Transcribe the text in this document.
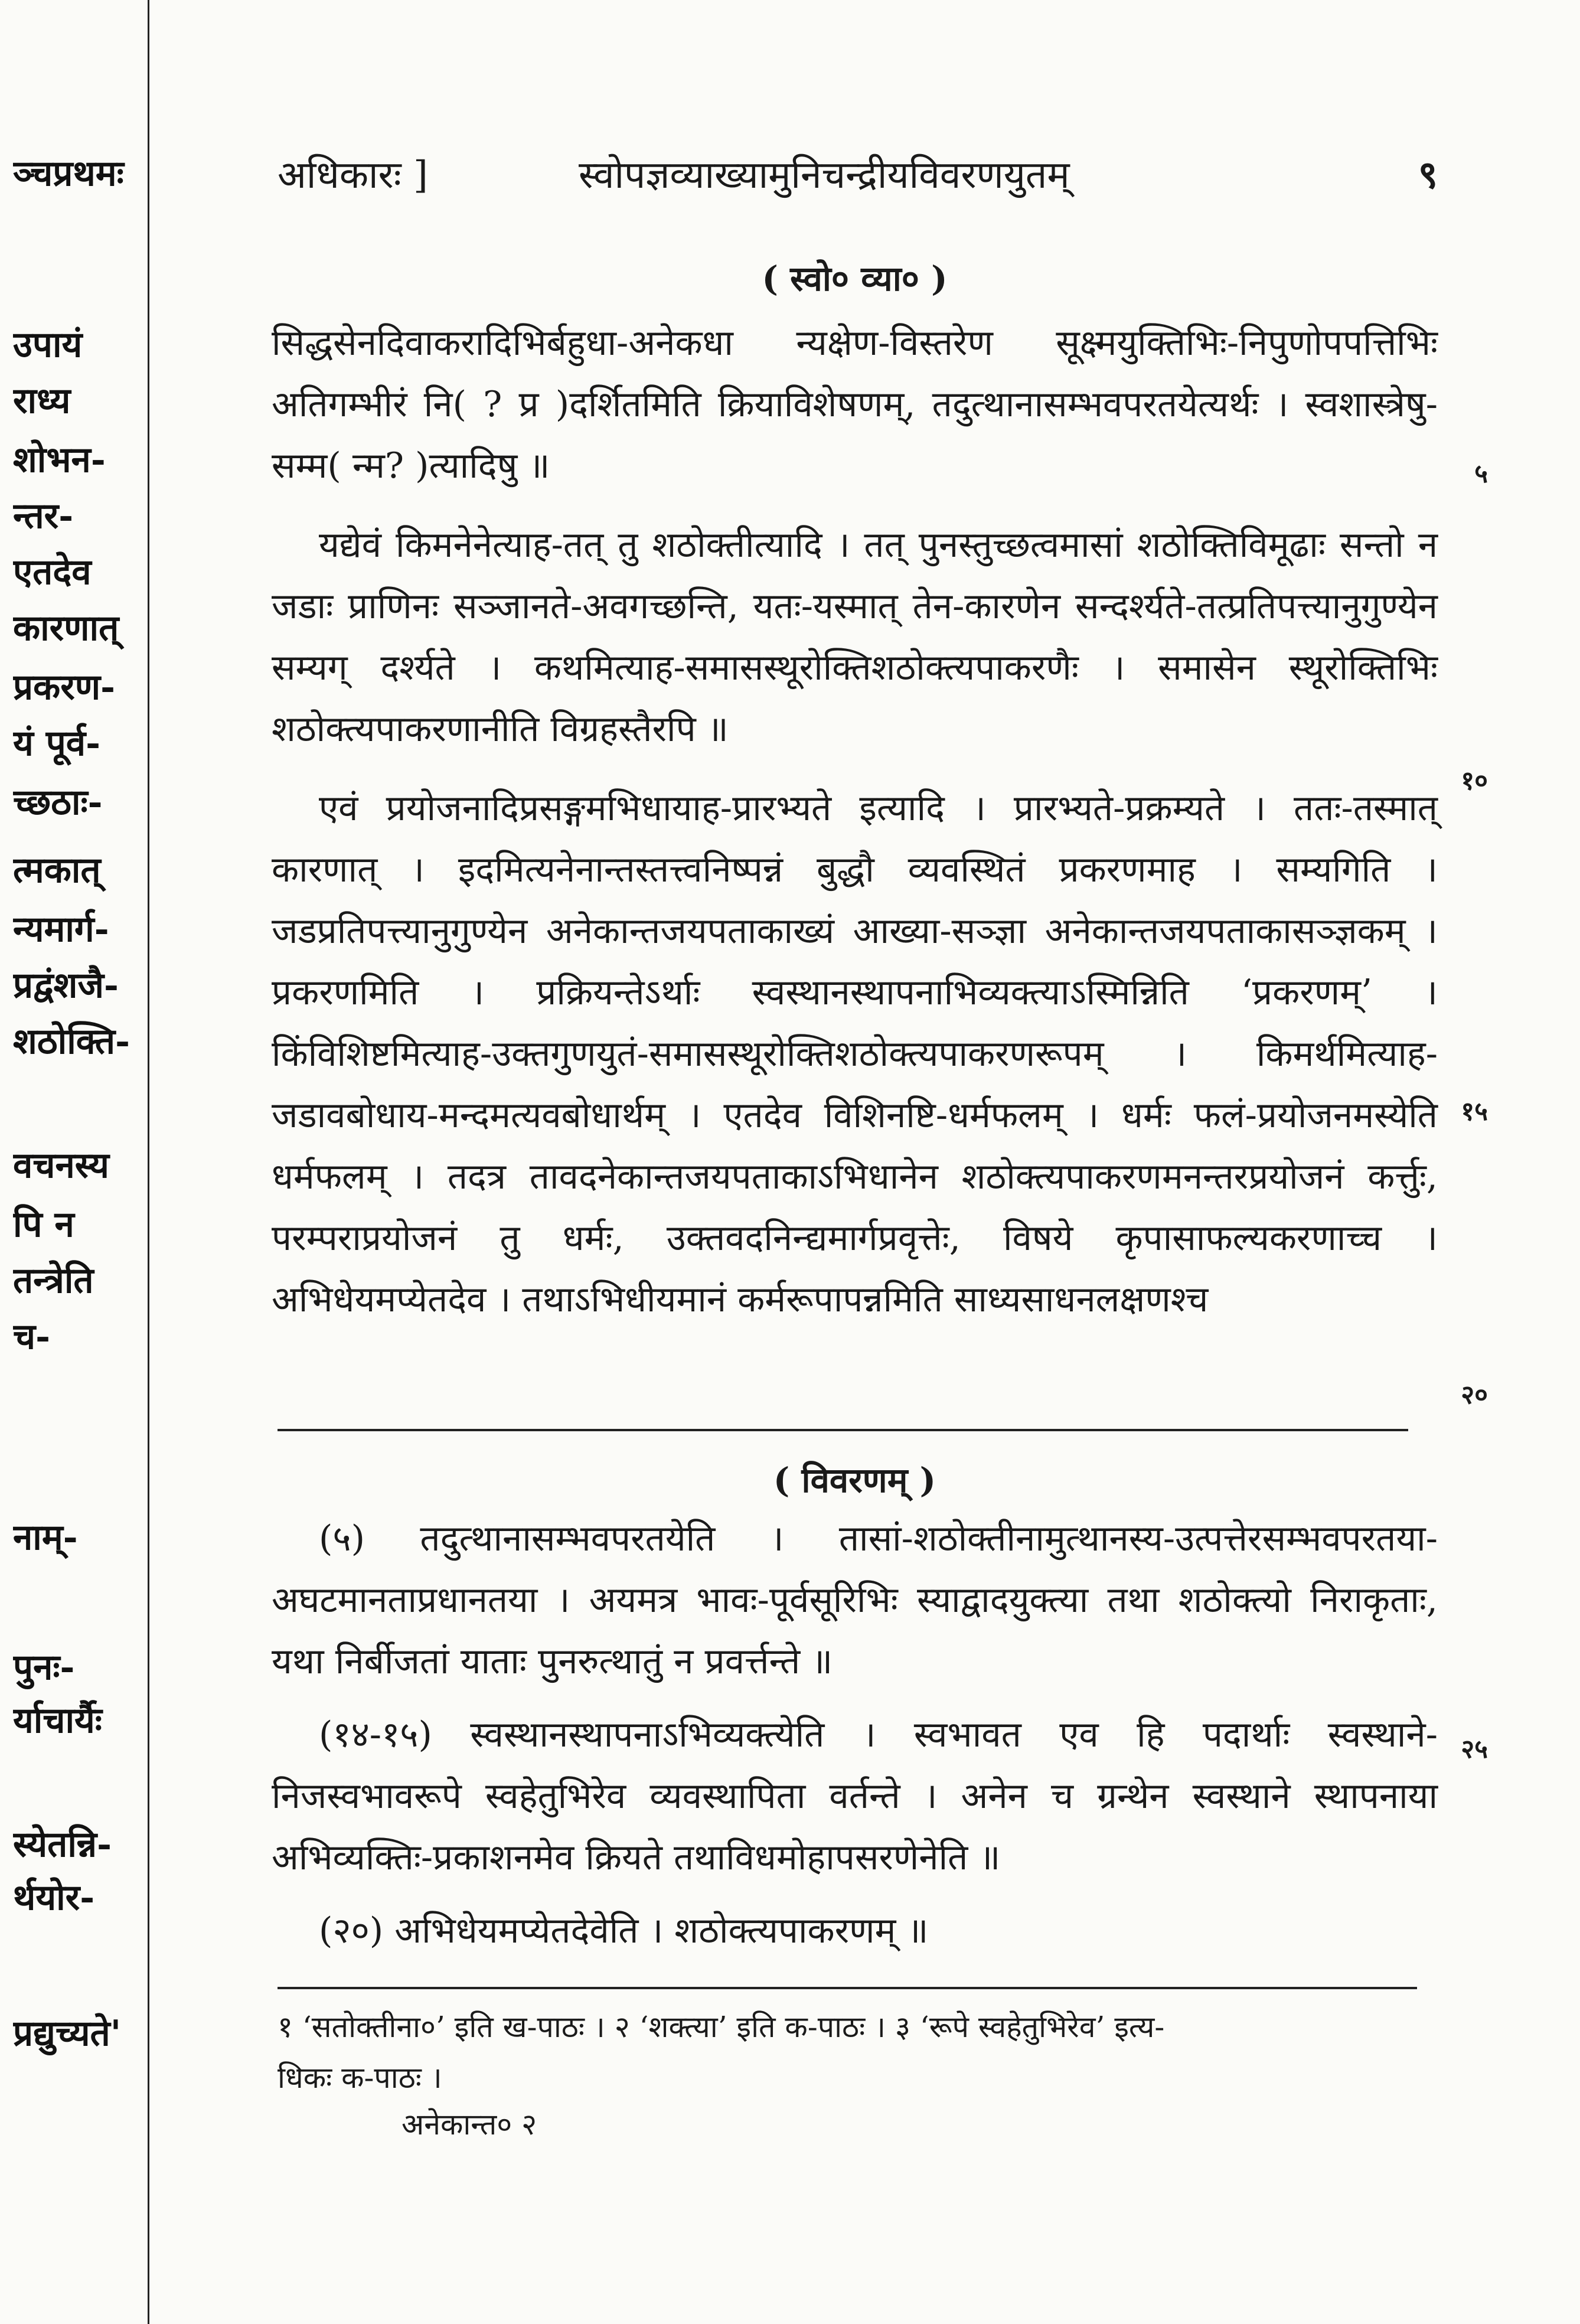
ञ्चप्रथमः
उपायं
राध्य
शोभन-
न्तर-
एतदेव
कारणात्
प्रकरण-
यं पूर्व-
च्छठाः-
त्मकात्
न्यमार्ग-
प्रद्वंशजै-
शठोक्ति-
वचनस्य
पि न
तन्त्रेति
च-
नाम्-
पुनः-
र्याचार्यैः
स्येतन्नि-
र्थयोर-
प्रद्युच्यते'
अधिकारः ]	स्वोपज्ञव्याख्यामुनिचन्द्रीयविवरणयुतम्	९
( स्वो० व्या० )

सिद्धसेनदिवाकरादिभिर्बहुधा-अनेकधा न्यक्षेण-विस्तरेण सूक्ष्मयुक्तिभिः-निपुणोपपत्तिभिः अतिगम्भीरं नि( ? प्र )दर्शितमिति क्रियाविशेषणम्, तदुत्थानासम्भवपरतयेत्यर्थः । स्वशास्त्रेषु-सम्म( न्म? )त्यादिषु ॥

यद्येवं किमनेनेत्याह-तत् तु शठोक्तीत्यादि । तत् पुनस्तुच्छत्वमासां शठोक्तिविमूढाः सन्तो न जडाः प्राणिनः सञ्जानते-अवगच्छन्ति, यतः-यस्मात् तेन-कारणेन सन्दर्श्यते-तत्प्रतिपत्त्यानुगुण्येन सम्यग् दर्श्यते । कथमित्याह-समासस्थूरोक्तिशठोक्त्यपाकरणैः । समासेन स्थूरोक्तिभिः शठोक्त्यपाकरणानीति विग्रहस्तैरपि ॥

एवं प्रयोजनादिप्रसङ्गमभिधायाह-प्रारभ्यते इत्यादि । प्रारभ्यते-प्रक्रम्यते । ततः-तस्मात् कारणात् । इदमित्यनेनान्तस्तत्त्वनिष्पन्नं बुद्धौ व्यवस्थितं प्रकरणमाह । सम्यगिति । जडप्रतिपत्त्यानुगुण्येन अनेकान्तजयपताकाख्यं आख्या-सञ्ज्ञा अनेकान्तजयपताकासञ्ज्ञकम् । प्रकरणमिति । प्रक्रियन्तेऽर्थाः स्वस्थानस्थापनाभिव्यक्त्याऽस्मिन्निति ‘प्रकरणम्’ । किंविशिष्टमित्याह-उक्तगुणयुतं-समासस्थूरोक्तिशठोक्त्यपाकरणरूपम् । किमर्थमित्याह-जडावबोधाय-मन्दमत्यवबोधार्थम् । एतदेव विशिनष्टि-धर्मफलम् । धर्मः फलं-प्रयोजनमस्येति धर्मफलम् । तदत्र तावदनेकान्तजयपताकाऽभिधानेन शठोक्त्यपाकरणमनन्तरप्रयोजनं कर्त्तुः, परम्पराप्रयोजनं तु धर्मः, उक्तवदनिन्द्यमार्गप्रवृत्तेः, विषये कृपासाफल्यकरणाच्च । अभिधेयमप्येतदेव । तथाऽभिधीयमानं कर्मरूपापन्नमिति साध्यसाधनलक्षणश्च

५
१०
१५
२०
( विवरणम् )

(५) तदुत्थानासम्भवपरतयेति । तासां-शठोक्तीनामुत्थानस्य-उत्पत्तेरसम्भवपरतया-अघटमानताप्रधानतया । अयमत्र भावः-पूर्वसूरिभिः स्याद्वादयुक्त्या तथा शठोक्त्यो निराकृताः, यथा निर्बीजतां याताः पुनरुत्थातुं न प्रवर्त्तन्ते ॥

(१४-१५) स्वस्थानस्थापनाऽभिव्यक्त्येति । स्वभावत एव हि पदार्थाः स्वस्थाने-निजस्वभावरूपे स्वहेतुभिरेव व्यवस्थापिता वर्तन्ते । अनेन च ग्रन्थेन स्वस्थाने स्थापनाया अभिव्यक्तिः-प्रकाशनमेव क्रियते तथाविधमोहापसरणेनेति ॥

(२०) अभिधेयमप्येतदेवेति । शठोक्त्यपाकरणम् ॥

२५

१ ‘सतोक्तीना०’ इति ख-पाठः । २ ‘शक्त्या’ इति क-पाठः । ३ ‘रूपे स्वहेतुभिरेव’ इत्य-

धिकः क-पाठः ।

अनेकान्त० २
